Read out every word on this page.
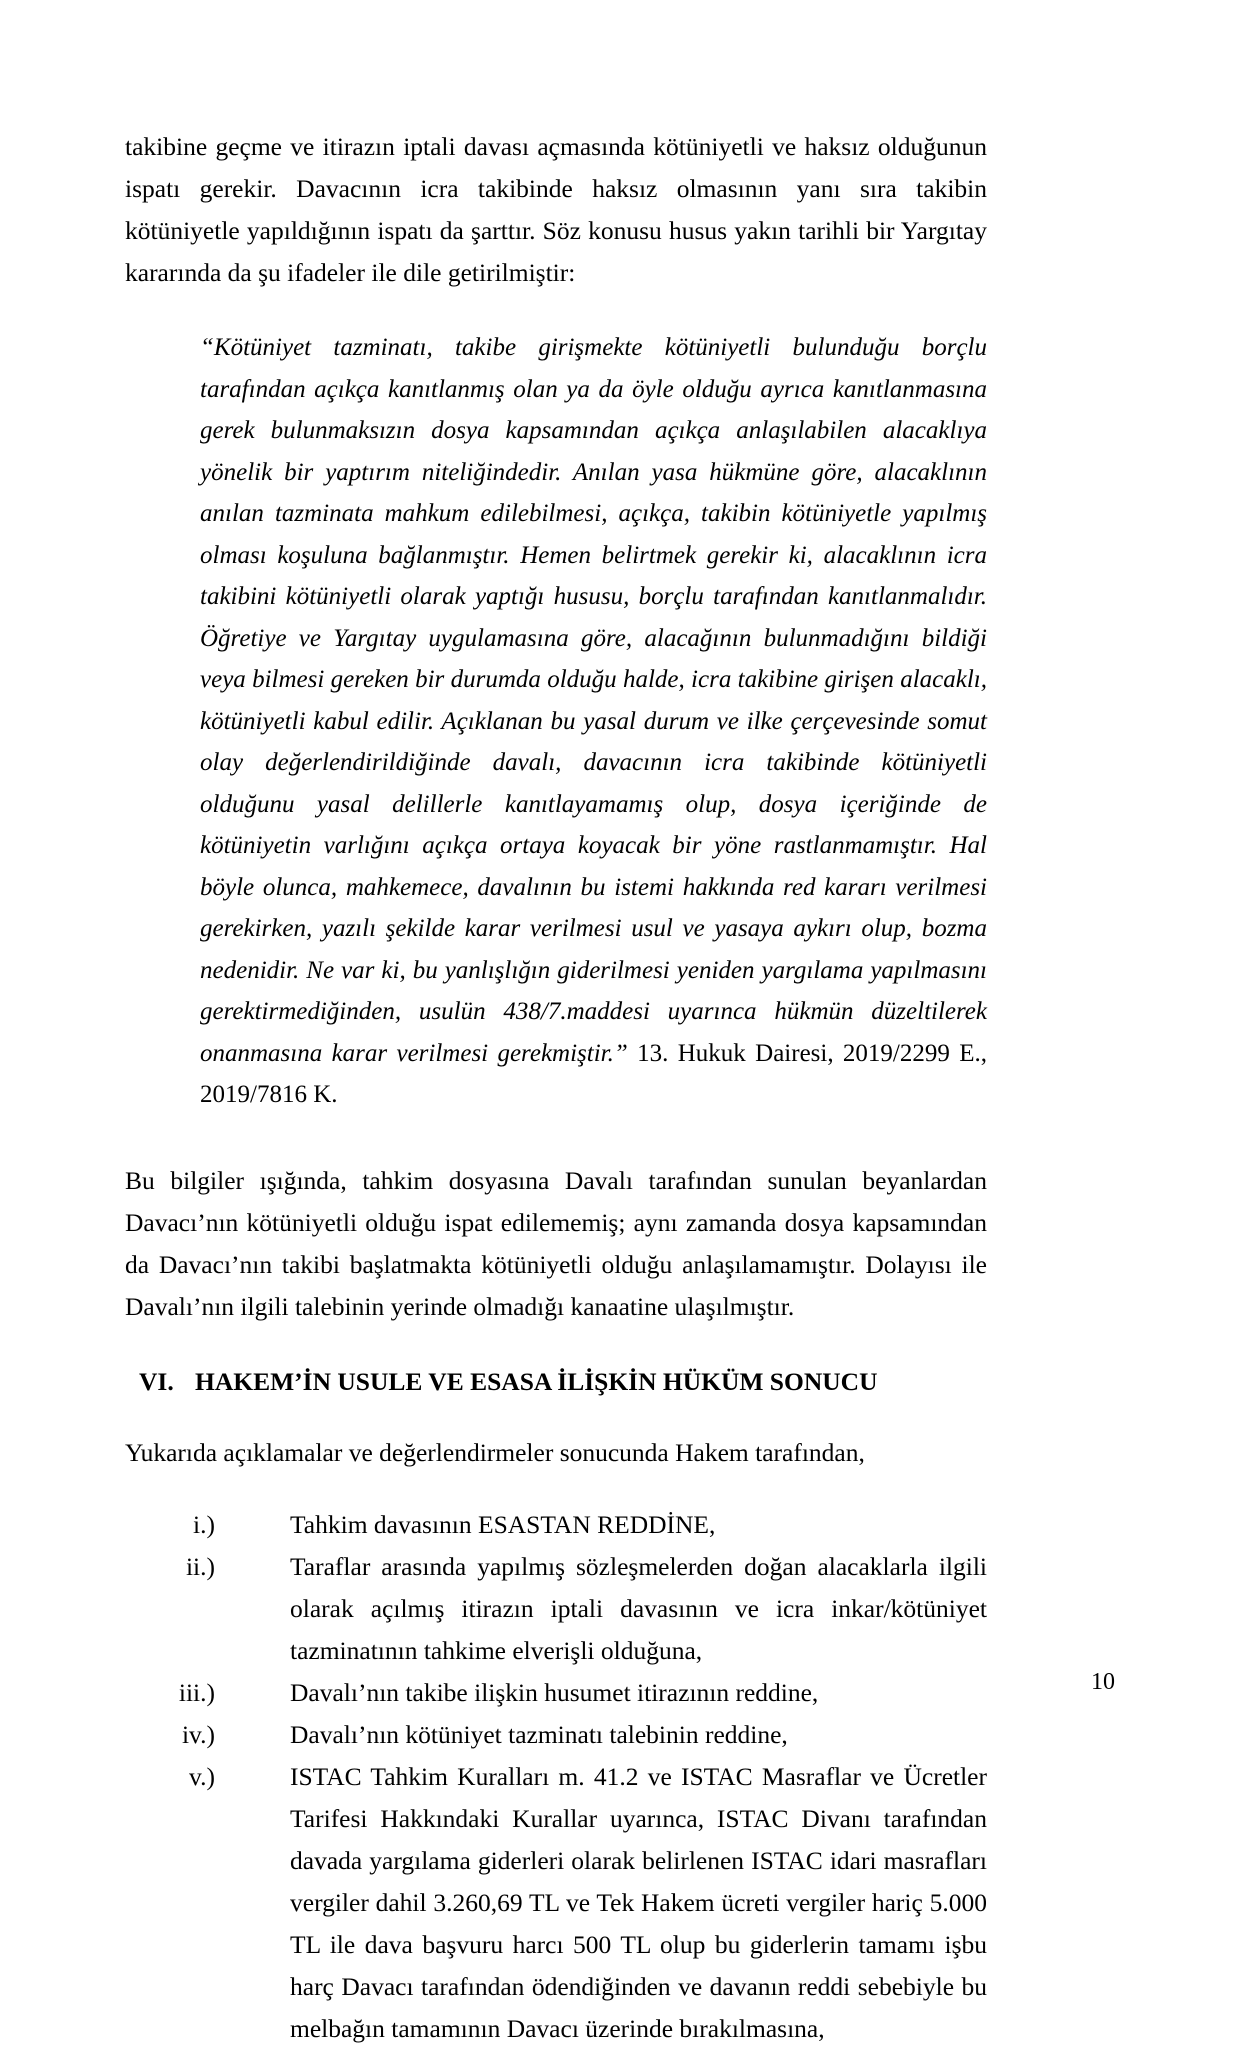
takibine geçme ve itirazın iptali davası açmasında kötüniyetli ve haksız olduğunun ispatı gerekir. Davacının icra takibinde haksız olmasının yanı sıra takibin kötüniyetle yapıldığının ispatı da şarttır. Söz konusu husus yakın tarihli bir Yargıtay kararında da şu ifadeler ile dile getirilmiştir:

“Kötüniyet tazminatı, takibe girişmekte kötüniyetli bulunduğu borçlu tarafından açıkça kanıtlanmış olan ya da öyle olduğu ayrıca kanıtlanmasına gerek bulunmaksızın dosya kapsamından açıkça anlaşılabilen alacaklıya yönelik bir yaptırım niteliğindedir. Anılan yasa hükmüne göre, alacaklının anılan tazminata mahkum edilebilmesi, açıkça, takibin kötüniyetle yapılmış olması koşuluna bağlanmıştır. Hemen belirtmek gerekir ki, alacaklının icra takibini kötüniyetli olarak yaptığı hususu, borçlu tarafından kanıtlanmalıdır. Öğretiye ve Yargıtay uygulamasına göre, alacağının bulunmadığını bildiği veya bilmesi gereken bir durumda olduğu halde, icra takibine girişen alacaklı, kötüniyetli kabul edilir. Açıklanan bu yasal durum ve ilke çerçevesinde somut olay değerlendirildiğinde davalı, davacının icra takibinde kötüniyetli olduğunu yasal delillerle kanıtlayamamış olup, dosya içeriğinde de kötüniyetin varlığını açıkça ortaya koyacak bir yöne rastlanmamıştır. Hal böyle olunca, mahkemece, davalının bu istemi hakkında red kararı verilmesi gerekirken, yazılı şekilde karar verilmesi usul ve yasaya aykırı olup, bozma nedenidir. Ne var ki, bu yanlışlığın giderilmesi yeniden yargılama yapılmasını gerektirmediğinden, usulün 438/7.maddesi uyarınca hükmün düzeltilerek onanmasına karar verilmesi gerekmiştir.” 13. Hukuk Dairesi, 2019/2299 E., 2019/7816 K.

Bu bilgiler ışığında, tahkim dosyasına Davalı tarafından sunulan beyanlardan Davacı’nın kötüniyetli olduğu ispat edilememiş; aynı zamanda dosya kapsamından da Davacı’nın takibi başlatmakta kötüniyetli olduğu anlaşılamamıştır. Dolayısı ile Davalı’nın ilgili talebinin yerinde olmadığı kanaatine ulaşılmıştır.

VI. HAKEM’İN USULE VE ESASA İLİŞKİN HÜKÜM SONUCU

Yukarıda açıklamalar ve değerlendirmeler sonucunda Hakem tarafından,

i.)	Tahkim davasının ESASTAN REDDİNE,
ii.)	Taraflar arasında yapılmış sözleşmelerden doğan alacaklarla ilgili olarak açılmış itirazın iptali davasının ve icra inkar/kötüniyet tazminatının tahkime elverişli olduğuna,
iii.)	Davalı’nın takibe ilişkin husumet itirazının reddine,
iv.)	Davalı’nın kötüniyet tazminatı talebinin reddine,
v.)	ISTAC Tahkim Kuralları m. 41.2 ve ISTAC Masraflar ve Ücretler Tarifesi Hakkındaki Kurallar uyarınca, ISTAC Divanı tarafından davada yargılama giderleri olarak belirlenen ISTAC idari masrafları vergiler dahil 3.260,69 TL ve Tek Hakem ücreti vergiler hariç 5.000 TL ile dava başvuru harcı 500 TL olup bu giderlerin tamamı işbu harç Davacı tarafından ödendiğinden ve davanın reddi sebebiyle bu melbağın tamamının Davacı üzerinde bırakılmasına,
10
